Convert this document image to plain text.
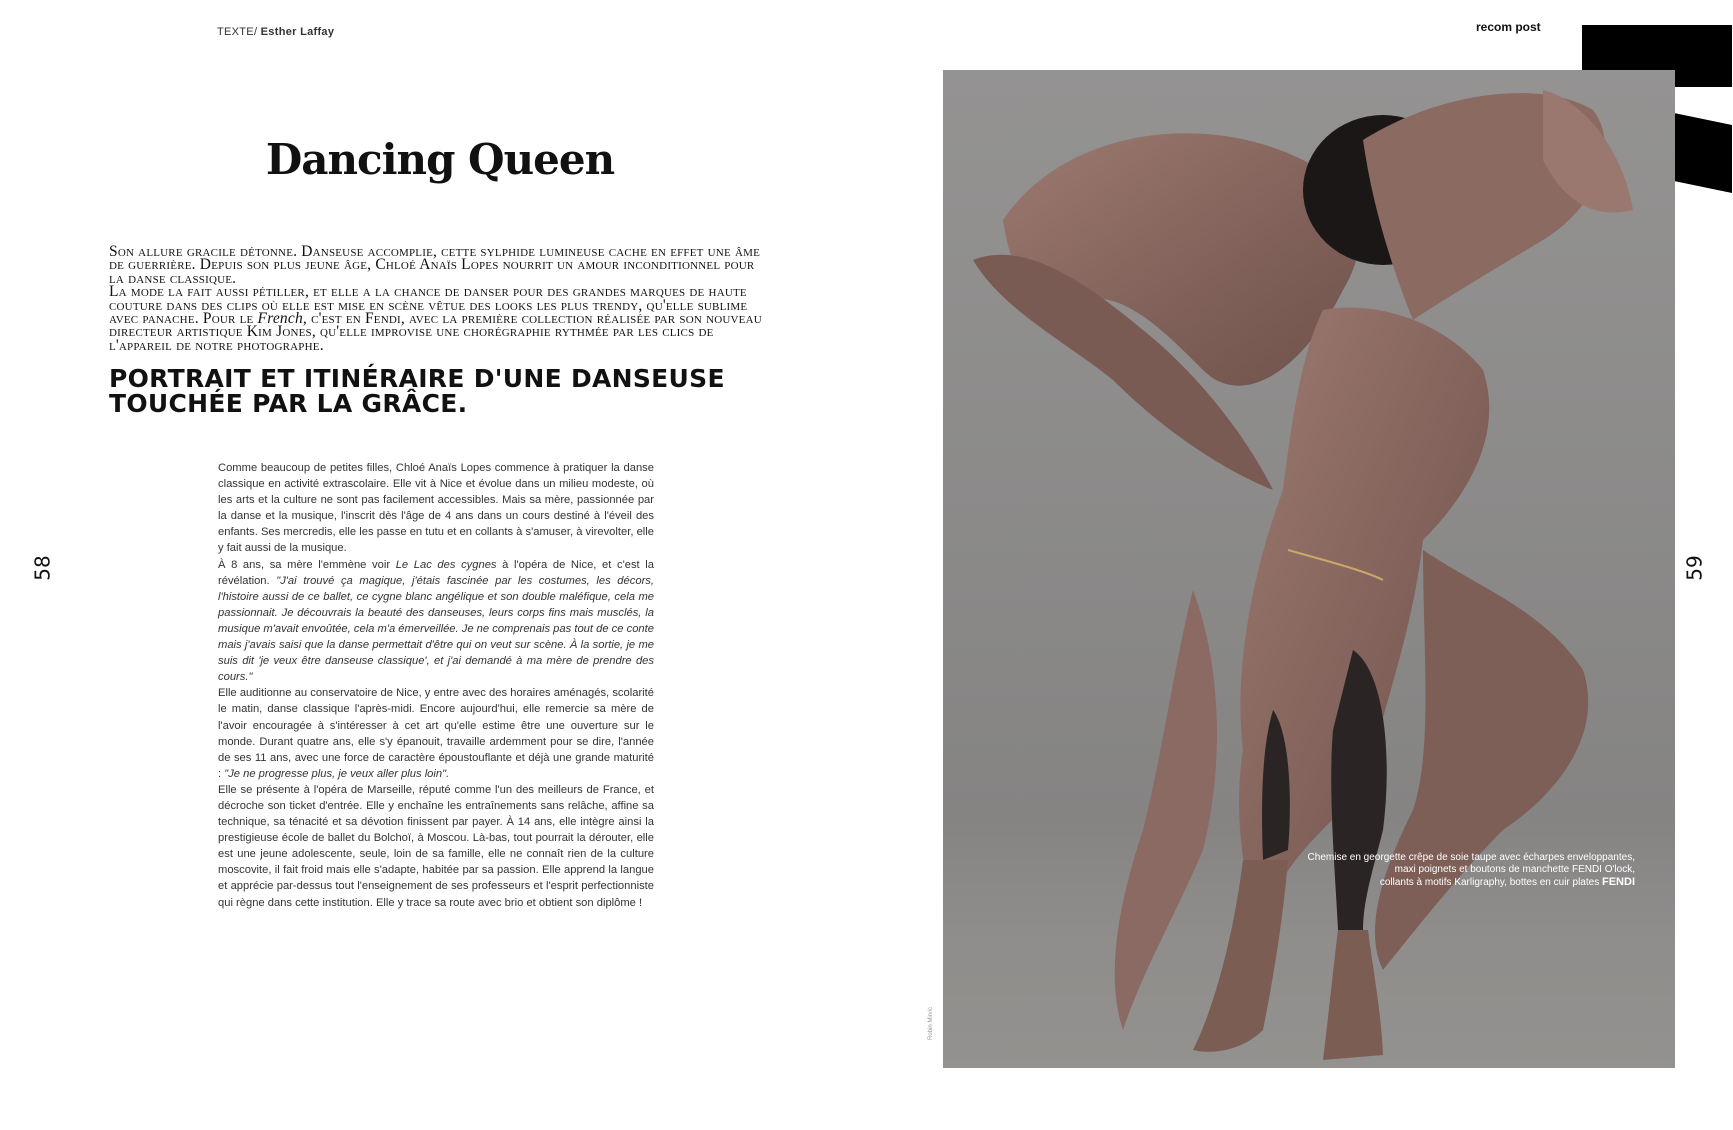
TEXTE/ Esther Laffay	recom post
Dancing Queen

Son allure gracile détonne. Danseuse accomplie, cette sylphide lumineuse cache en effet une âme de guerrière. Depuis son plus jeune âge, Chloé Anaïs Lopes nourrit un amour inconditionnel pour la danse classique.

La mode la fait aussi pétiller, et elle a la chance de danser pour des grandes marques de haute couture dans des clips où elle est mise en scène vêtue des looks les plus trendy, qu'elle sublime avec panache. Pour le French, c'est en Fendi, avec la première collection réalisée par son nouveau directeur artistique Kim Jones, qu'elle improvise une chorégraphie rythmée par les clics de l'appareil de notre photographe.

PORTRAIT ET ITINÉRAIRE D'UNE DANSEUSE TOUCHÉE PAR LA GRÂCE.

Comme beaucoup de petites filles, Chloé Anaïs Lopes commence à pratiquer la danse classique en activité extrascolaire. Elle vit à Nice et évolue dans un milieu modeste, où les arts et la culture ne sont pas facilement accessibles. Mais sa mère, passionnée par la danse et la musique, l'inscrit dès l'âge de 4 ans dans un cours destiné à l'éveil des enfants. Ses mercredis, elle les passe en tutu et en collants à s'amuser, à virevolter, elle y fait aussi de la musique.

À 8 ans, sa mère l'emmène voir Le Lac des cygnes à l'opéra de Nice, et c'est la révélation. "J'ai trouvé ça magique, j'étais fascinée par les costumes, les décors, l'histoire aussi de ce ballet, ce cygne blanc angélique et son double maléfique, cela me passionnait. Je découvrais la beauté des danseuses, leurs corps fins mais musclés, la musique m'avait envoûtée, cela m'a émerveillée. Je ne comprenais pas tout de ce conte mais j'avais saisi que la danse permettait d'être qui on veut sur scène. À la sortie, je me suis dit 'je veux être danseuse classique', et j'ai demandé à ma mère de prendre des cours."

Elle auditionne au conservatoire de Nice, y entre avec des horaires aménagés, scolarité le matin, danse classique l'après-midi. Encore aujourd'hui, elle remercie sa mère de l'avoir encouragée à s'intéresser à cet art qu'elle estime être une ouverture sur le monde. Durant quatre ans, elle s'y épanouit, travaille ardemment pour se dire, l'année de ses 11 ans, avec une force de caractère époustouflante et déjà une grande maturité : "Je ne progresse plus, je veux aller plus loin".

Elle se présente à l'opéra de Marseille, réputé comme l'un des meilleurs de France, et décroche son ticket d'entrée. Elle y enchaîne les entraînements sans relâche, affine sa technique, sa ténacité et sa dévotion finissent par payer. À 14 ans, elle intègre ainsi la prestigieuse école de ballet du Bolchoï, à Moscou. Là-bas, tout pourrait la dérouter, elle est une jeune adolescente, seule, loin de sa famille, elle ne connaît rien de la culture moscovite, il fait froid mais elle s'adapte, habitée par sa passion. Elle apprend la langue et apprécie par-dessus tout l'enseignement de ses professeurs et l'esprit perfectionniste qui règne dans cette institution. Elle y trace sa route avec brio et obtient son diplôme !

58	59
Chemise en georgette crêpe de soie taupe avec écharpes enveloppantes,
maxi poignets et boutons de manchette FENDI O'lock,
collants à motifs Karligraphy, bottes en cuir plates FENDI
Robin Mirvic
